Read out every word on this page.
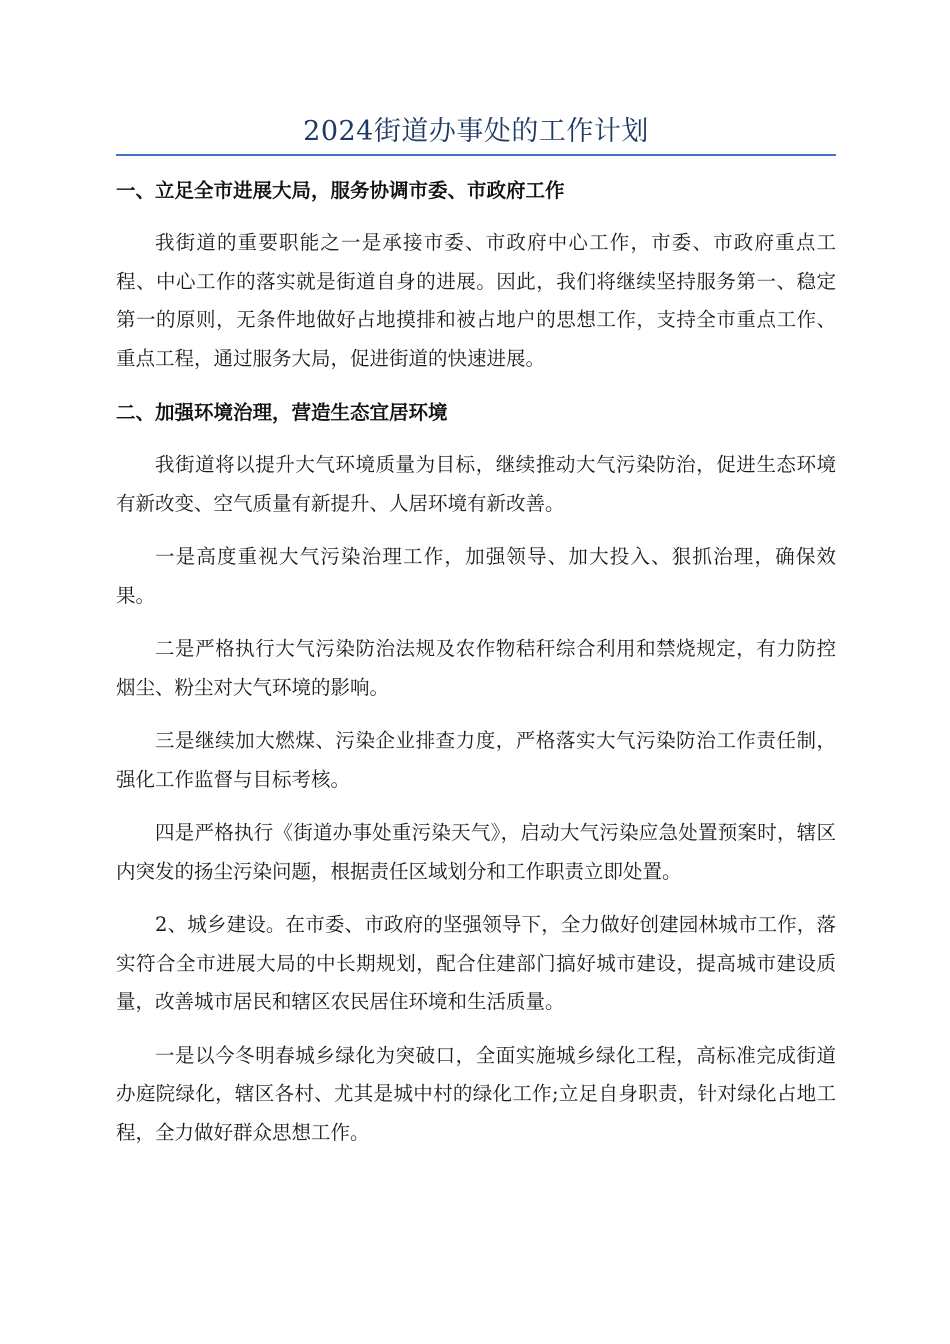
2024街道办事处的工作计划
一、立足全市进展大局，服务协调市委、市政府工作

我街道的重要职能之一是承接市委、市政府中心工作，市委、市政府重点工程、中心工作的落实就是街道自身的进展。因此，我们将继续坚持服务第一、稳定第一的原则，无条件地做好占地摸排和被占地户的思想工作，支持全市重点工作、重点工程，通过服务大局，促进街道的快速进展。

二、加强环境治理，营造生态宜居环境

我街道将以提升大气环境质量为目标，继续推动大气污染防治，促进生态环境有新改变、空气质量有新提升、人居环境有新改善。

一是高度重视大气污染治理工作，加强领导、加大投入、狠抓治理，确保效果。

二是严格执行大气污染防治法规及农作物秸秆综合利用和禁烧规定，有力防控烟尘、粉尘对大气环境的影响。

三是继续加大燃煤、污染企业排查力度，严格落实大气污染防治工作责任制，强化工作监督与目标考核。

四是严格执行《街道办事处重污染天气》，启动大气污染应急处置预案时，辖区内突发的扬尘污染问题，根据责任区域划分和工作职责立即处置。

2、城乡建设。在市委、市政府的坚强领导下，全力做好创建园林城市工作，落实符合全市进展大局的中长期规划，配合住建部门搞好城市建设，提高城市建设质量，改善城市居民和辖区农民居住环境和生活质量。

一是以今冬明春城乡绿化为突破口，全面实施城乡绿化工程，高标准完成街道办庭院绿化，辖区各村、尤其是城中村的绿化工作;立足自身职责，针对绿化占地工程，全力做好群众思想工作。
